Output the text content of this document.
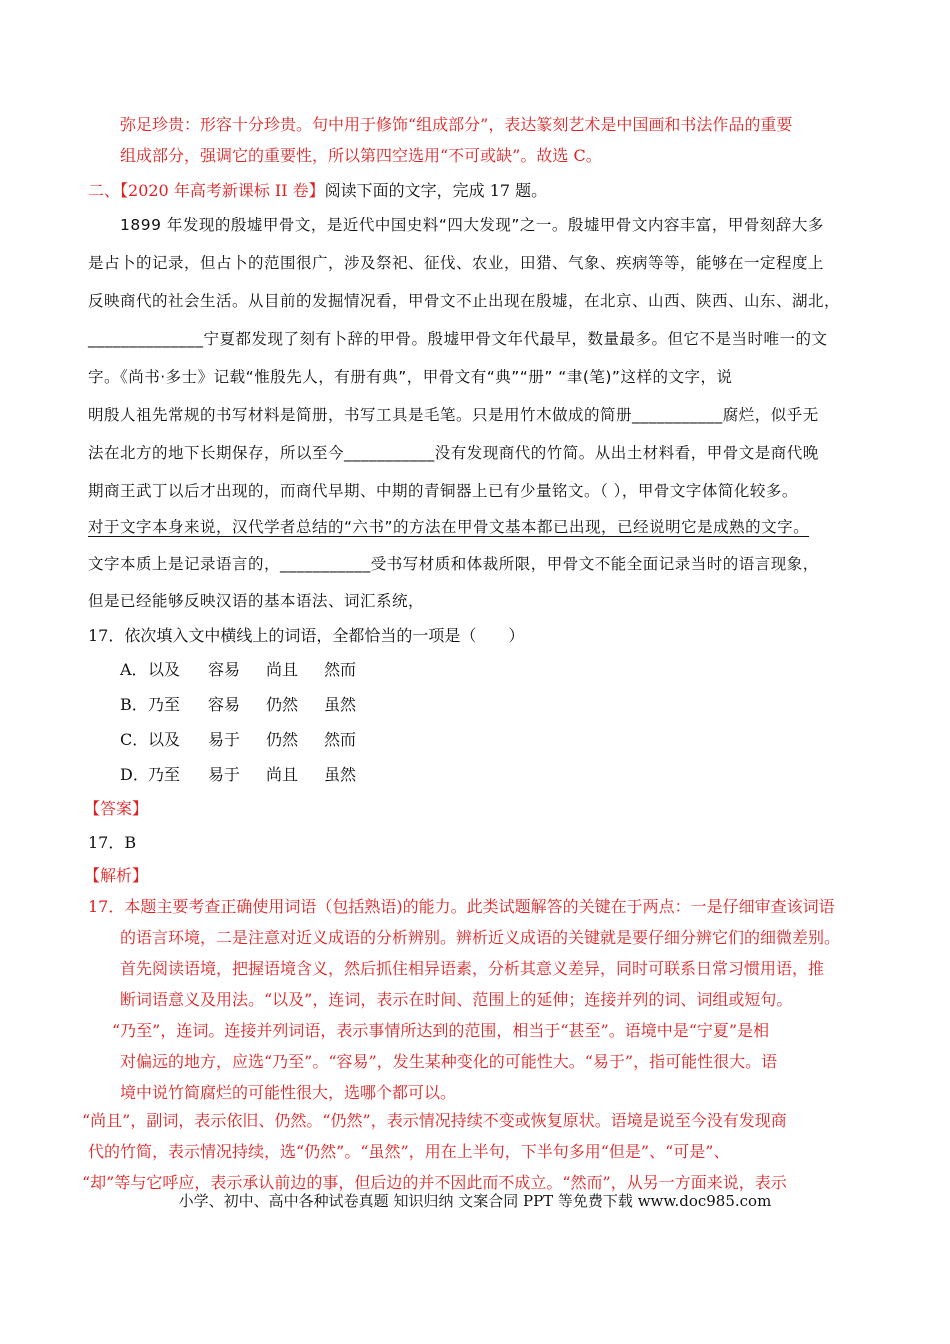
弥足珍贵：形容十分珍贵。句中用于修饰“组成部分”，表达篆刻艺术是中国画和书法作品的重要
组成部分，强调它的重要性，所以第四空选用“不可或缺”。故选 C。
二、【2020 年高考新课标 II 卷】阅读下面的文字，完成 17 题。
1899 年发现的殷墟甲骨文，是近代中国史料“四大发现”之一。殷墟甲骨文内容丰富，甲骨刻辞大多
是占卜的记录，但占卜的范围很广，涉及祭祀、征伐、农业，田猎、气象、疾病等等，能够在一定程度上
反映商代的社会生活。从目前的发掘情况看，甲骨文不止出现在殷墟，在北京、山西、陕西、山东、湖北，
______________宁夏都发现了刻有卜辞的甲骨。殷墟甲骨文年代最早，数量最多。但它不是当时唯一的文
字。《尚书·多士》记载“惟殷先人，有册有典”，甲骨文有“典”“册” “聿(笔)”这样的文字，说
明殷人祖先常规的书写材料是简册，书写工具是毛笔。只是用竹木做成的简册___________腐烂，似乎无
法在北方的地下长期保存，所以至今___________没有发现商代的竹简。从出土材料看，甲骨文是商代晚
期商王武丁以后才出现的，而商代早期、中期的青铜器上已有少量铭文。（ ），甲骨文字体简化较多。
对于文字本身来说，汉代学者总结的“六书”的方法在甲骨文基本都已出现，已经说明它是成熟的文字。
文字本质上是记录语言的，___________受书写材质和体裁所限，甲骨文不能全面记录当时的语言现象，
但是已经能够反映汉语的基本语法、词汇系统，
17．依次填入文中横线上的词语，全都恰当的一项是（　　）
A．以及 容易 尚且 然而
B．乃至 容易 仍然 虽然
C．以及 易于 仍然 然而
D．乃至 易于 尚且 虽然
【答案】
17．B
【解析】
17．本题主要考查正确使用词语（包括熟语)的能力。此类试题解答的关键在于两点：一是仔细审查该词语
的语言环境，二是注意对近义成语的分析辨别。辨析近义成语的关键就是要仔细分辨它们的细微差别。
首先阅读语境，把握语境含义，然后抓住相异语素，分析其意义差异，同时可联系日常习惯用语，推
断词语意义及用法。“以及”，连词，表示在时间、范围上的延伸；连接并列的词、词组或短句。
“乃至”，连词。连接并列词语，表示事情所达到的范围，相当于“甚至”。语境中是“宁夏”是相
对偏远的地方，应选“乃至”。“容易”，发生某种变化的可能性大。“易于”，指可能性很大。语
境中说竹简腐烂的可能性很大，选哪个都可以。
“尚且”，副词，表示依旧、仍然。“仍然”，表示情况持续不变或恢复原状。语境是说至今没有发现商
代的竹简，表示情况持续，选“仍然”。“虽然”，用在上半句，下半句多用“但是”、“可是”、
“却”等与它呼应，表示承认前边的事，但后边的并不因此而不成立。“然而”，从另一方面来说，表示
小学、初中、高中各种试卷真题 知识归纳 文案合同 PPT 等免费下载 www.doc985.com
